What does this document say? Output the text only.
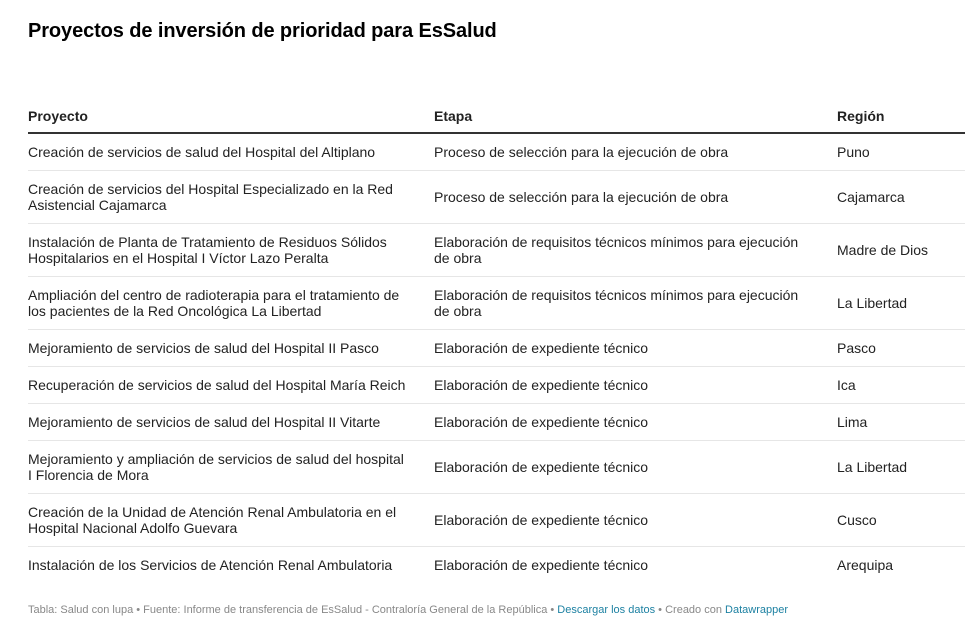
Proyectos de inversión de prioridad para EsSalud
Proyecto	Etapa	Región

Creación de servicios de salud del Hospital del Altiplano	Proceso de selección para la ejecución de obra	Puno

Creación de servicios del Hospital Especializado en la Red Asistencial Cajamarca	Proceso de selección para la ejecución de obra	Cajamarca

Instalación de Planta de Tratamiento de Residuos Sólidos Hospitalarios en el Hospital I Víctor Lazo Peralta	Elaboración de requisitos técnicos mínimos para ejecución de obra	Madre de Dios

Ampliación del centro de radioterapia para el tratamiento de los pacientes de la Red Oncológica La Libertad	Elaboración de requisitos técnicos mínimos para ejecución de obra	La Libertad

Mejoramiento de servicios de salud del Hospital II Pasco	Elaboración de expediente técnico	Pasco

Recuperación de servicios de salud del Hospital María Reich	Elaboración de expediente técnico	Ica

Mejoramiento de servicios de salud del Hospital II Vitarte	Elaboración de expediente técnico	Lima

Mejoramiento y ampliación de servicios de salud del hospital I Florencia de Mora	Elaboración de expediente técnico	La Libertad

Creación de la Unidad de Atención Renal Ambulatoria en el Hospital Nacional Adolfo Guevara	Elaboración de expediente técnico	Cusco

Instalación de los Servicios de Atención Renal Ambulatoria	Elaboración de expediente técnico	Arequipa
Tabla: Salud con lupa • Fuente: Informe de transferencia de EsSalud - Contraloría General de la República • Descargar los datos • Creado con Datawrapper
